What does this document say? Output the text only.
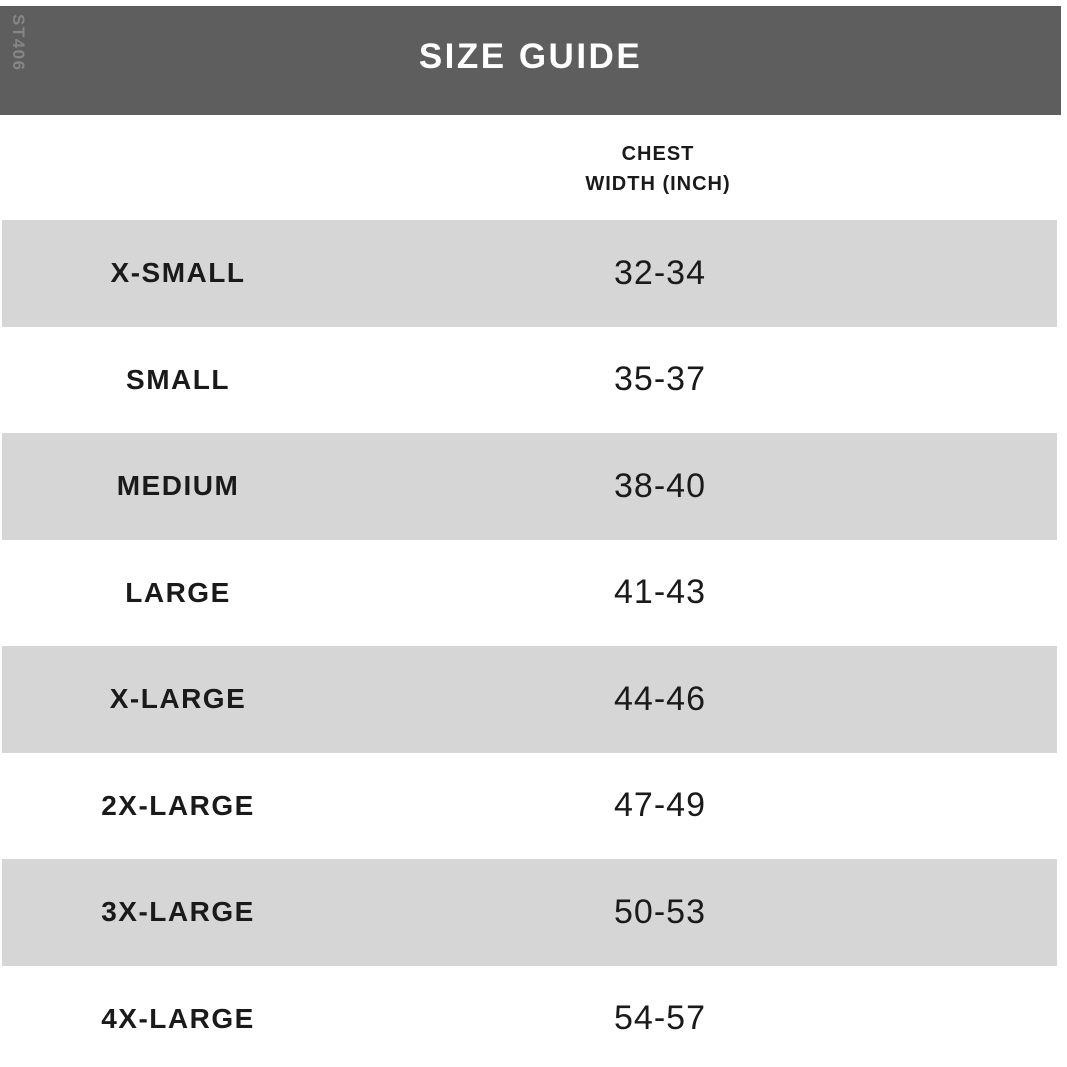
ST406	SIZE GUIDE
CHEST
WIDTH (INCH)
X-SMALL	32-34
SMALL	35-37
MEDIUM	38-40
LARGE	41-43
X-LARGE	44-46
2X-LARGE	47-49
3X-LARGE	50-53
4X-LARGE	54-57
